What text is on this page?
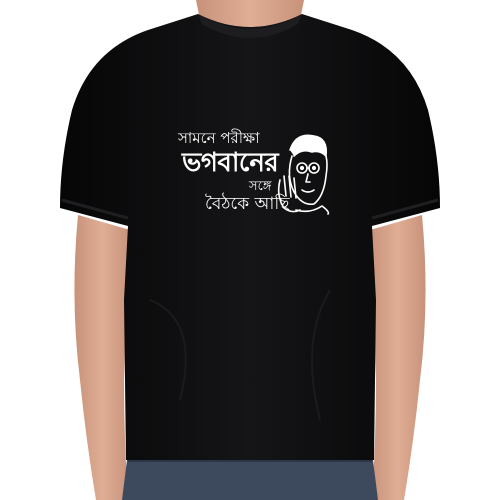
সামনে পরীক্ষা
ভগবানের
সঙ্গে
বৈঠকে আছি
